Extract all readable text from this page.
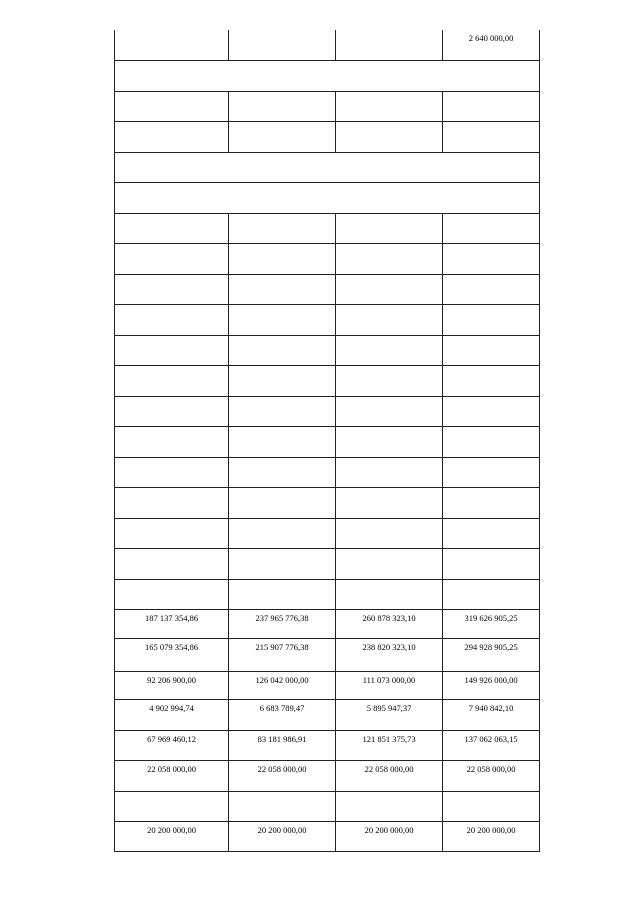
			2 640 000,00

187 137 354,86	237 965 776,38	260 878 323,10	319 626 905,25
165 079 354,86	215 907 776,38	238 820 323,10	294 928 905,25
92 206 900,00	126 042 000,00	111 073 000,00	149 926 000,00
4 902 994,74	6 683 789,47	5 895 947,37	7 940 842,10
67 969 460,12	83 181 986,91	121 851 375,73	137 062 063,15
22 058 000,00	22 058 000,00	22 058 000,00	22 058 000,00

20 200 000,00	20 200 000,00	20 200 000,00	20 200 000,00
